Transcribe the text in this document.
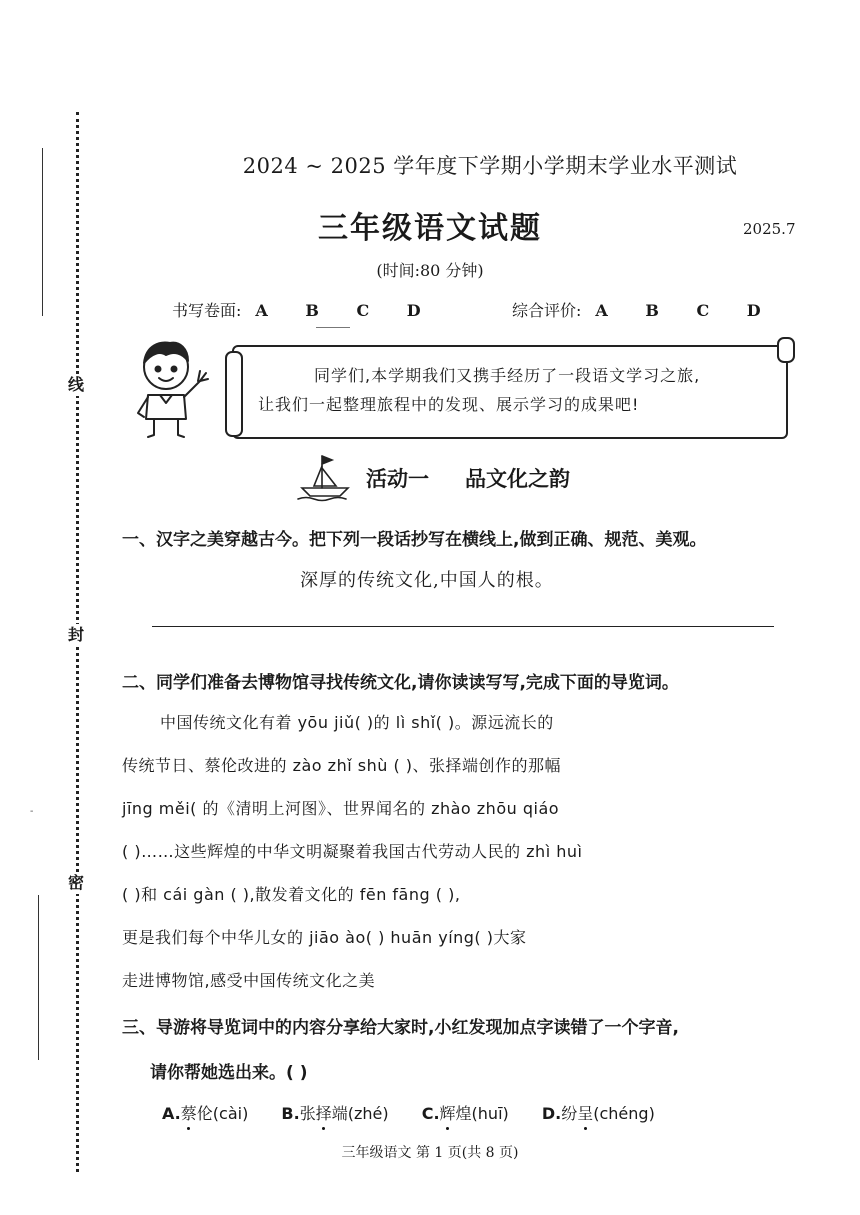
线
封
密
-
2024 ~ 2025 学年度下学期小学期末学业水平测试
三年级语文试题	2025.7
(时间:80 分钟)
书写卷面: A B C D	综合评价: A B C D
同学们,本学期我们又携手经历了一段语文学习之旅,
让我们一起整理旅程中的发现、展示学习的成果吧!
活动一 品文化之韵
一、汉字之美穿越古今。把下列一段话抄写在横线上,做到正确、规范、美观。
深厚的传统文化,中国人的根。
二、同学们准备去博物馆寻找传统文化,请你读读写写,完成下面的导览词。
中国传统文化有着 yōu jiǔ( )的 lì shǐ( )。源远流长的
传统节日、蔡伦改进的 zào zhǐ shù ( )、张择端创作的那幅
jīng měi( 的《清明上河图》、世界闻名的 zhào zhōu qiáo
( )……这些辉煌的中华文明凝聚着我国古代劳动人民的 zhì huì
( )和 cái gàn ( ),散发着文化的 fēn fāng ( ),
更是我们每个中华儿女的 jiāo ào( ) huān yíng( )大家
走进博物馆,感受中国传统文化之美
三、导游将导览词中的内容分享给大家时,小红发现加点字读错了一个字音,
请你帮她选出来。( )
A.蔡伦(cài) B.张择端(zhé) C.辉煌(huī) D.纷呈(chéng)
三年级语文 第 1 页(共 8 页)
